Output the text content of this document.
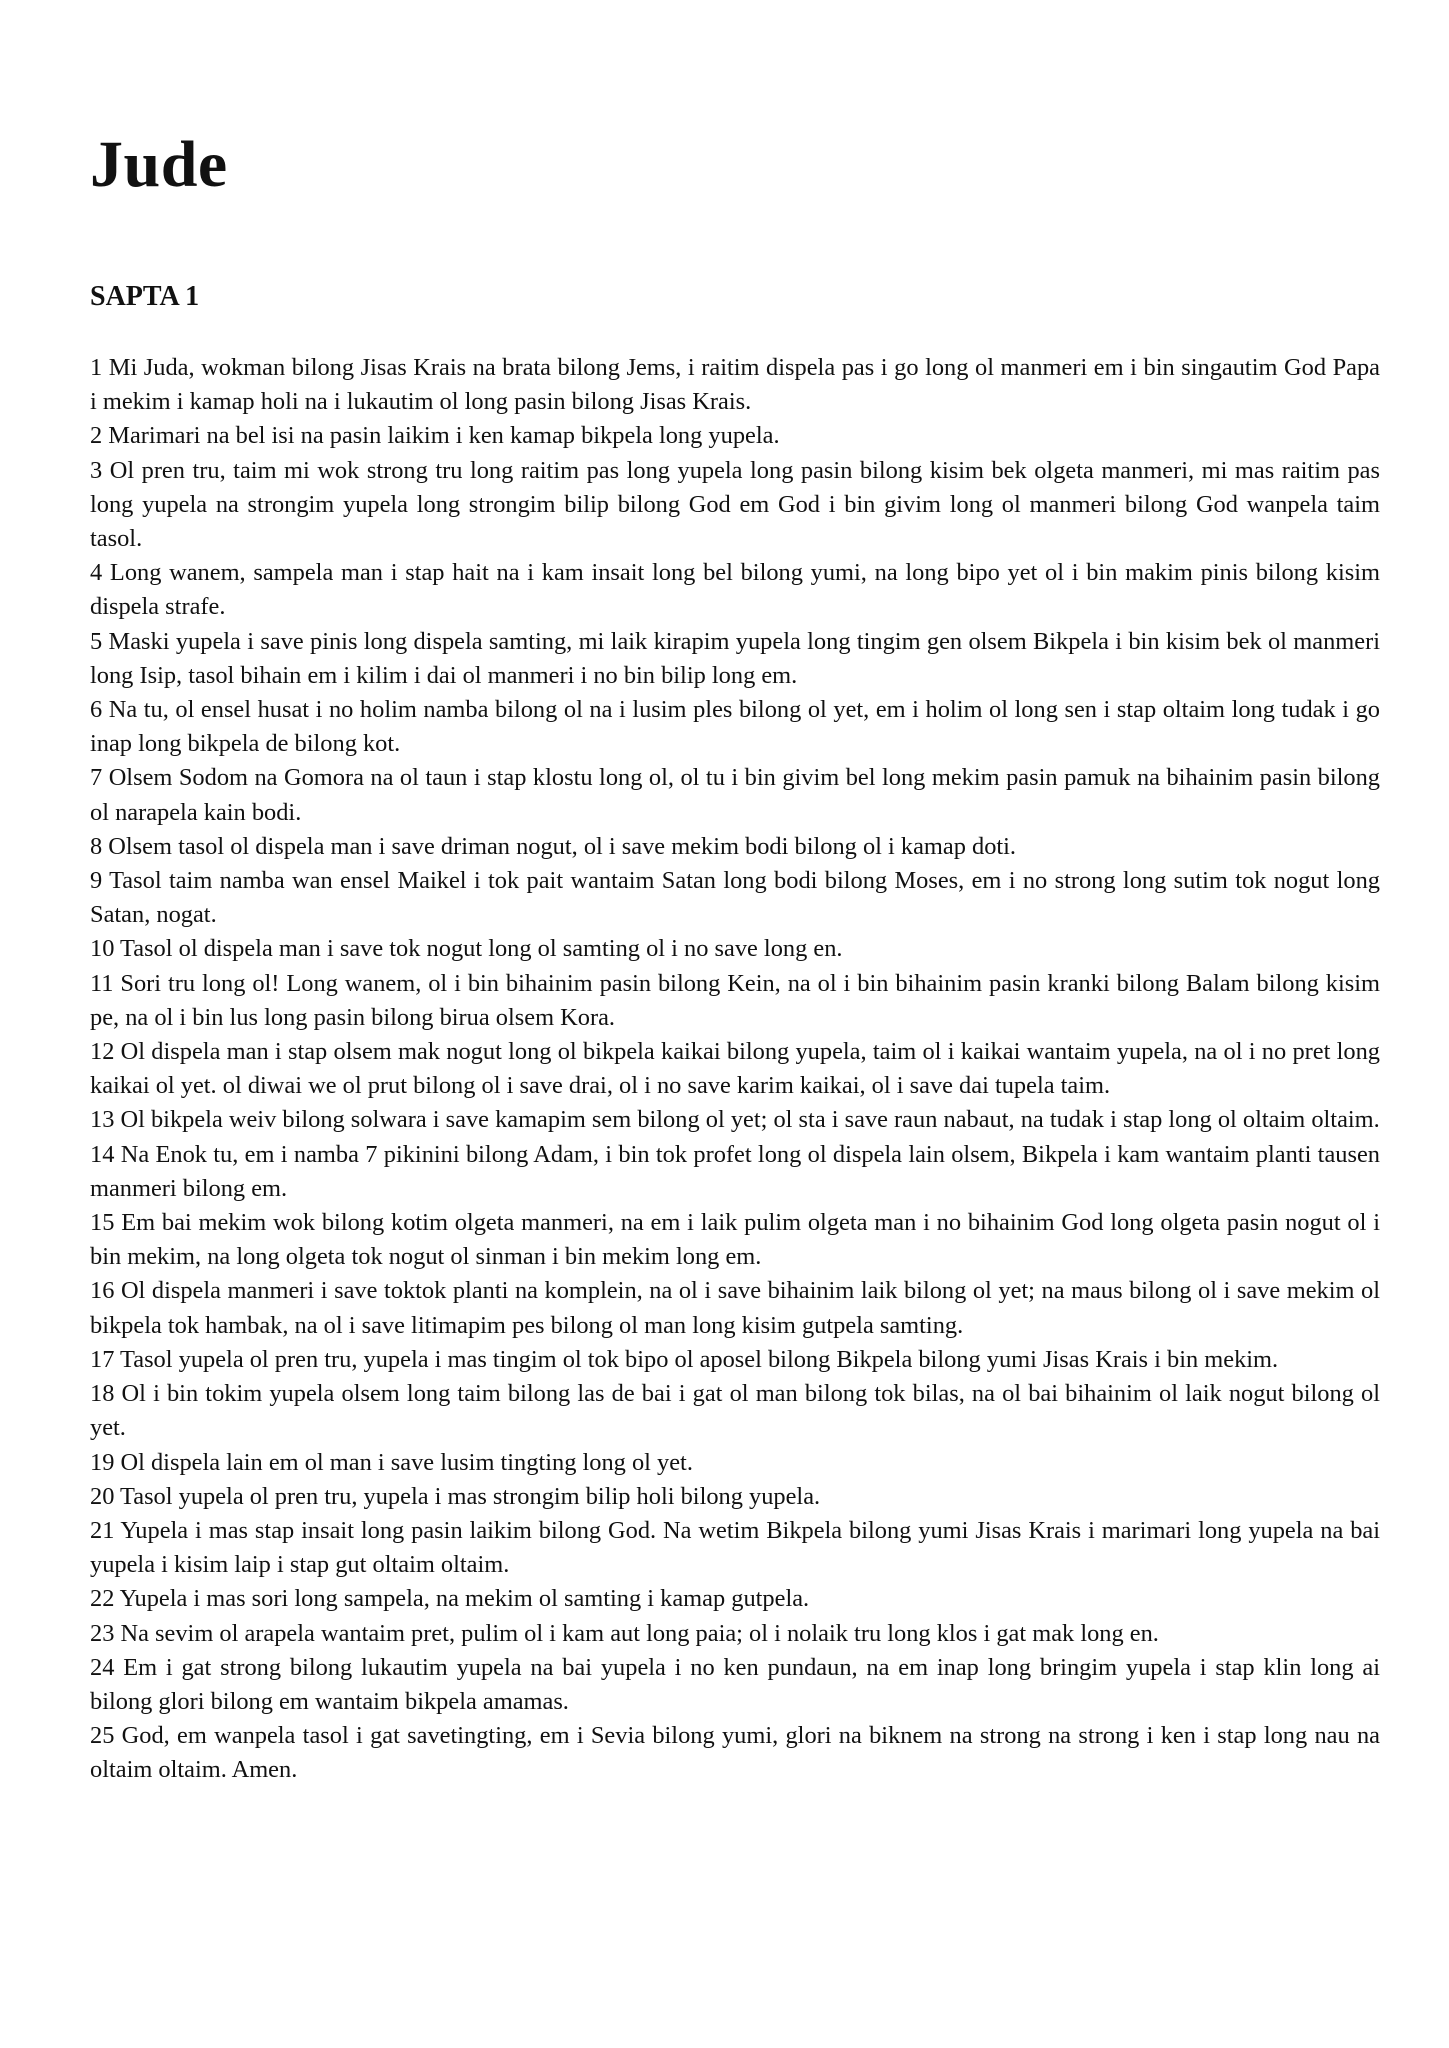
Jude
SAPTA 1

1 Mi Juda, wokman bilong Jisas Krais na brata bilong Jems, i raitim dispela pas i go long ol manmeri em i bin singautim God Papa i mekim i kamap holi na i lukautim ol long pasin bilong Jisas Krais.

2 Marimari na bel isi na pasin laikim i ken kamap bikpela long yupela.

3 Ol pren tru, taim mi wok strong tru long raitim pas long yupela long pasin bilong kisim bek olgeta manmeri, mi mas raitim pas long yupela na strongim yupela long strongim bilip bilong God em God i bin givim long ol manmeri bilong God wanpela taim tasol.

4 Long wanem, sampela man i stap hait na i kam insait long bel bilong yumi, na long bipo yet ol i bin makim pinis bilong kisim dispela strafe.

5 Maski yupela i save pinis long dispela samting, mi laik kirapim yupela long tingim gen olsem Bikpela i bin kisim bek ol manmeri long Isip, tasol bihain em i kilim i dai ol manmeri i no bin bilip long em.

6 Na tu, ol ensel husat i no holim namba bilong ol na i lusim ples bilong ol yet, em i holim ol long sen i stap oltaim long tudak i go inap long bikpela de bilong kot.

7 Olsem Sodom na Gomora na ol taun i stap klostu long ol, ol tu i bin givim bel long mekim pasin pamuk na bihainim pasin bilong ol narapela kain bodi.

8 Olsem tasol ol dispela man i save driman nogut, ol i save mekim bodi bilong ol i kamap doti.

9 Tasol taim namba wan ensel Maikel i tok pait wantaim Satan long bodi bilong Moses, em i no strong long sutim tok nogut long Satan, nogat.

10 Tasol ol dispela man i save tok nogut long ol samting ol i no save long en.

11 Sori tru long ol! Long wanem, ol i bin bihainim pasin bilong Kein, na ol i bin bihainim pasin kranki bilong Balam bilong kisim pe, na ol i bin lus long pasin bilong birua olsem Kora.

12 Ol dispela man i stap olsem mak nogut long ol bikpela kaikai bilong yupela, taim ol i kaikai wantaim yupela, na ol i no pret long kaikai ol yet. ol diwai we ol prut bilong ol i save drai, ol i no save karim kaikai, ol i save dai tupela taim.

13 Ol bikpela weiv bilong solwara i save kamapim sem bilong ol yet; ol sta i save raun nabaut, na tudak i stap long ol oltaim oltaim.

14 Na Enok tu, em i namba 7 pikinini bilong Adam, i bin tok profet long ol dispela lain olsem, Bikpela i kam wantaim planti tausen manmeri bilong em.

15 Em bai mekim wok bilong kotim olgeta manmeri, na em i laik pulim olgeta man i no bihainim God long olgeta pasin nogut ol i bin mekim, na long olgeta tok nogut ol sinman i bin mekim long em.

16 Ol dispela manmeri i save toktok planti na komplein, na ol i save bihainim laik bilong ol yet; na maus bilong ol i save mekim ol bikpela tok hambak, na ol i save litimapim pes bilong ol man long kisim gutpela samting.

17 Tasol yupela ol pren tru, yupela i mas tingim ol tok bipo ol aposel bilong Bikpela bilong yumi Jisas Krais i bin mekim.

18 Ol i bin tokim yupela olsem long taim bilong las de bai i gat ol man bilong tok bilas, na ol bai bihainim ol laik nogut bilong ol yet.

19 Ol dispela lain em ol man i save lusim tingting long ol yet.

20 Tasol yupela ol pren tru, yupela i mas strongim bilip holi bilong yupela.

21 Yupela i mas stap insait long pasin laikim bilong God. Na wetim Bikpela bilong yumi Jisas Krais i marimari long yupela na bai yupela i kisim laip i stap gut oltaim oltaim.

22 Yupela i mas sori long sampela, na mekim ol samting i kamap gutpela.

23 Na sevim ol arapela wantaim pret, pulim ol i kam aut long paia; ol i nolaik tru long klos i gat mak long en.

24 Em i gat strong bilong lukautim yupela na bai yupela i no ken pundaun, na em inap long bringim yupela i stap klin long ai bilong glori bilong em wantaim bikpela amamas.

25 God, em wanpela tasol i gat savetingting, em i Sevia bilong yumi, glori na biknem na strong na strong i ken i stap long nau na oltaim oltaim. Amen.
